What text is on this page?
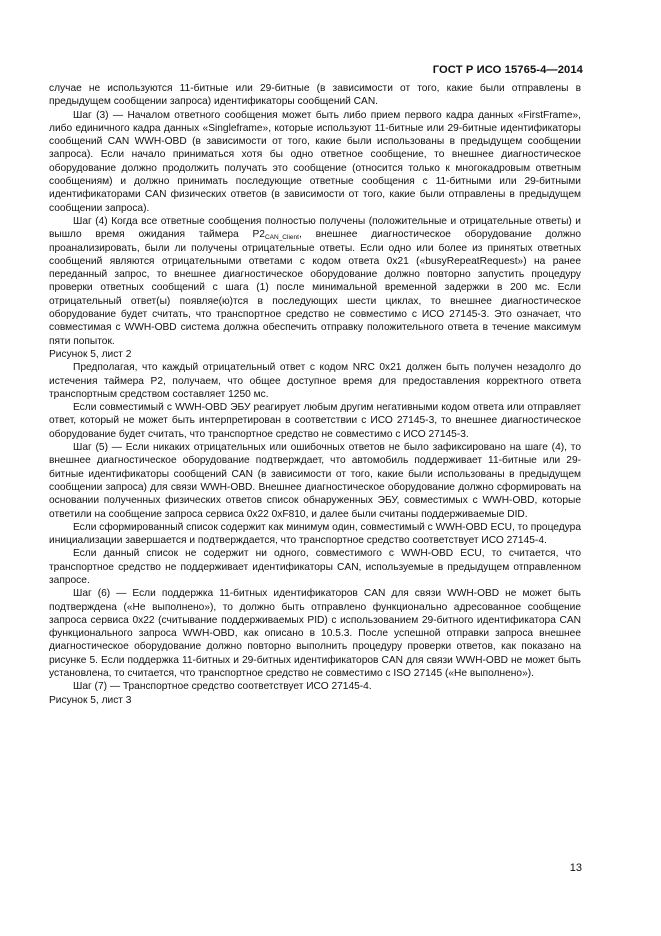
ГОСТ Р ИСО 15765-4—2014

случае не используются 11-битные или 29-битные (в зависимости от того, какие были отправлены в предыдущем сообщении запроса) идентификаторы сообщений CAN.

Шаг (3) — Началом ответного сообщения может быть либо прием первого кадра данных «FirstFrame», либо единичного кадра данных «Singleframe», которые используют 11-битные или 29-битные идентификаторы сообщений CAN WWH-OBD (в зависимости от того, какие были использованы в предыдущем сообщении запроса). Если начало приниматься хотя бы одно ответное сообщение, то внешнее диагностическое оборудование должно продолжить получать это сообщение (относится только к многокадровым ответным сообщениям) и должно принимать последующие ответные сообщения с 11-битными или 29-битными идентификаторами CAN физических ответов (в зависимости от того, какие были отправлены в предыдущем сообщении запроса).

Шаг (4) Когда все ответные сообщения полностью получены (положительные и отрицательные ответы) и вышло время ожидания таймера $P2_{CAN\_Client}$, внешнее диагностическое оборудование должно проанализировать, были ли получены отрицательные ответы. Если одно или более из принятых ответных сообщений являются отрицательными ответами с кодом ответа 0x21 («busyRepeatRequest») на ранее переданный запрос, то внешнее диагностическое оборудование должно повторно запустить процедуру проверки ответных сообщений с шага (1) после минимальной временной задержки в 200 мс. Если отрицательный ответ(ы) появляе(ю)тся в последующих шести циклах, то внешнее диагностическое оборудование будет считать, что транспортное средство не совместимо с ИСО 27145-3. Это означает, что совместимая с WWH-OBD система должна обеспечить отправку положительного ответа в течение максимум пяти попыток.

Рисунок 5, лист 2

Предполагая, что каждый отрицательный ответ с кодом NRC 0x21 должен быть получен незадолго до истечения таймера P2, получаем, что общее доступное время для предоставления корректного ответа транспортным средством составляет 1250 мс.

Если совместимый с WWH-OBD ЭБУ реагирует любым другим негативными кодом ответа или отправляет ответ, который не может быть интерпретирован в соответствии с ИСО 27145-3, то внешнее диагностическое оборудование будет считать, что транспортное средство не совместимо с ИСО 27145-3.

Шаг (5) — Если никаких отрицательных или ошибочных ответов не было зафиксировано на шаге (4), то внешнее диагностическое оборудование подтверждает, что автомобиль поддерживает 11-битные или 29-битные идентификаторы сообщений CAN (в зависимости от того, какие были использованы в предыдущем сообщении запроса) для связи WWH-OBD. Внешнее диагностическое оборудование должно сформировать на основании полученных физических ответов список обнаруженных ЭБУ, совместимых с WWH-OBD, которые ответили на сообщение запроса сервиса 0x22 0xF810, и далее были считаны поддерживаемые DID.

Если сформированный список содержит как минимум один, совместимый с WWH-OBD ECU, то процедура инициализации завершается и подтверждается, что транспортное средство соответствует ИСО 27145-4.

Если данный список не содержит ни одного, совместимого с WWH-OBD ECU, то считается, что транспортное средство не поддерживает идентификаторы CAN, используемые в предыдущем отправленном запросе.

Шаг (6) — Если поддержка 11-битных идентификаторов CAN для связи WWH-OBD не может быть подтверждена («Не выполнено»), то должно быть отправлено функционально адресованное сообщение запроса сервиса 0x22 (считывание поддерживаемых PID) с использованием 29-битного идентификатора CAN функционального запроса WWH-OBD, как описано в 10.5.3. После успешной отправки запроса внешнее диагностическое оборудование должно повторно выполнить процедуру проверки ответов, как показано на рисунке 5. Если поддержка 11-битных и 29-битных идентификаторов CAN для связи WWH-OBD не может быть установлена, то считается, что транспортное средство не совместимо с ISO 27145 («Не выполнено»).

Шаг (7) — Транспортное средство соответствует ИСО 27145-4.

Рисунок 5, лист 3

13
